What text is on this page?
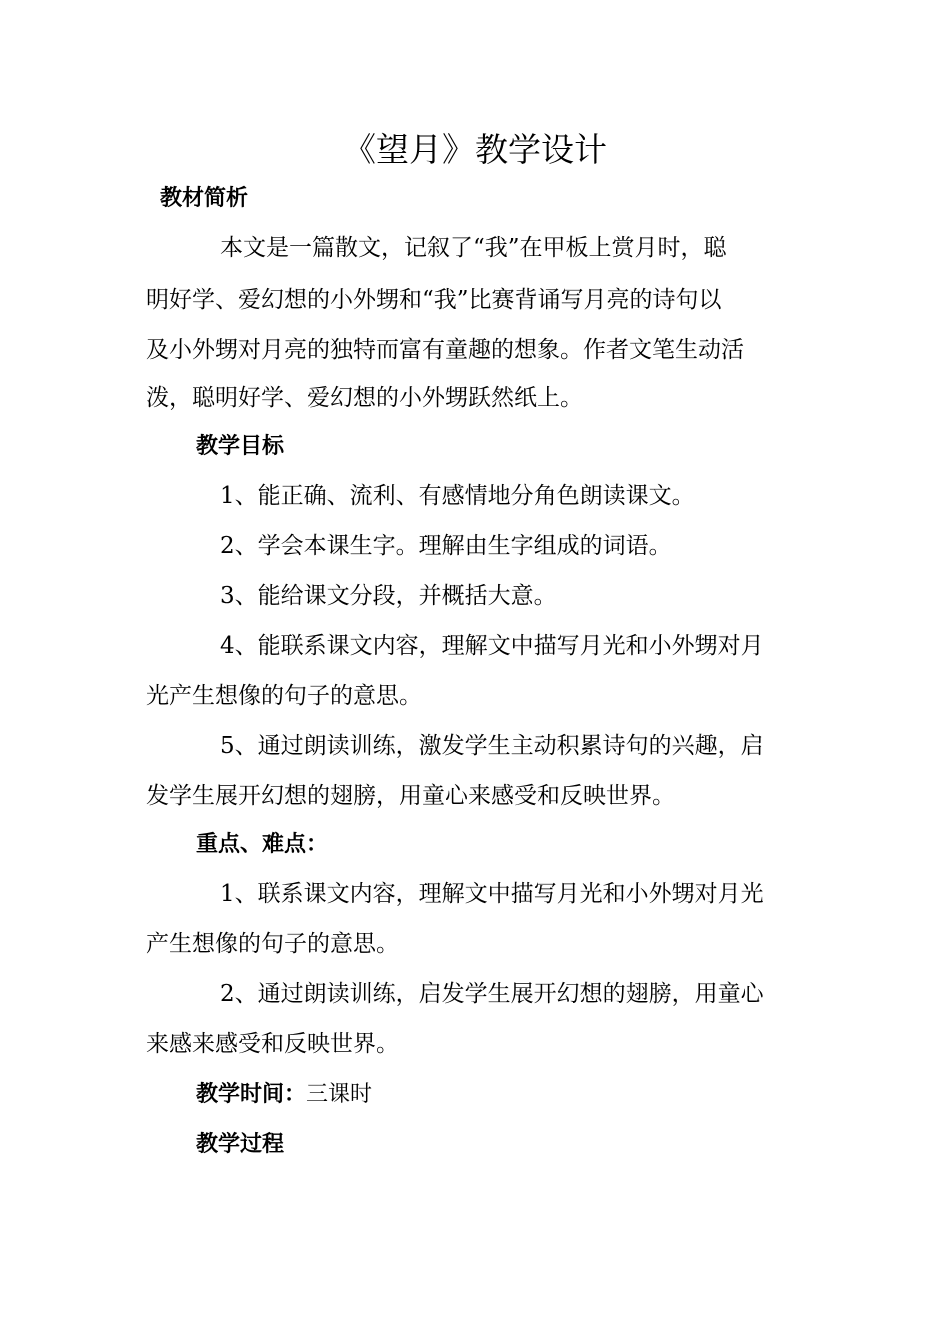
《望月》教学设计
教材简析
本文是一篇散文，记叙了“我”在甲板上赏月时，聪
明好学、爱幻想的小外甥和“我”比赛背诵写月亮的诗句以
及小外甥对月亮的独特而富有童趣的想象。作者文笔生动活
泼，聪明好学、爱幻想的小外甥跃然纸上。
教学目标
1、能正确、流利、有感情地分角色朗读课文。
2、学会本课生字。理解由生字组成的词语。
3、能给课文分段，并概括大意。
4、能联系课文内容，理解文中描写月光和小外甥对月
光产生想像的句子的意思。
5、通过朗读训练，激发学生主动积累诗句的兴趣，启
发学生展开幻想的翅膀，用童心来感受和反映世界。
重点、难点：
1、联系课文内容，理解文中描写月光和小外甥对月光
产生想像的句子的意思。
2、通过朗读训练，启发学生展开幻想的翅膀，用童心
来感来感受和反映世界。
教学时间：三课时
教学过程
